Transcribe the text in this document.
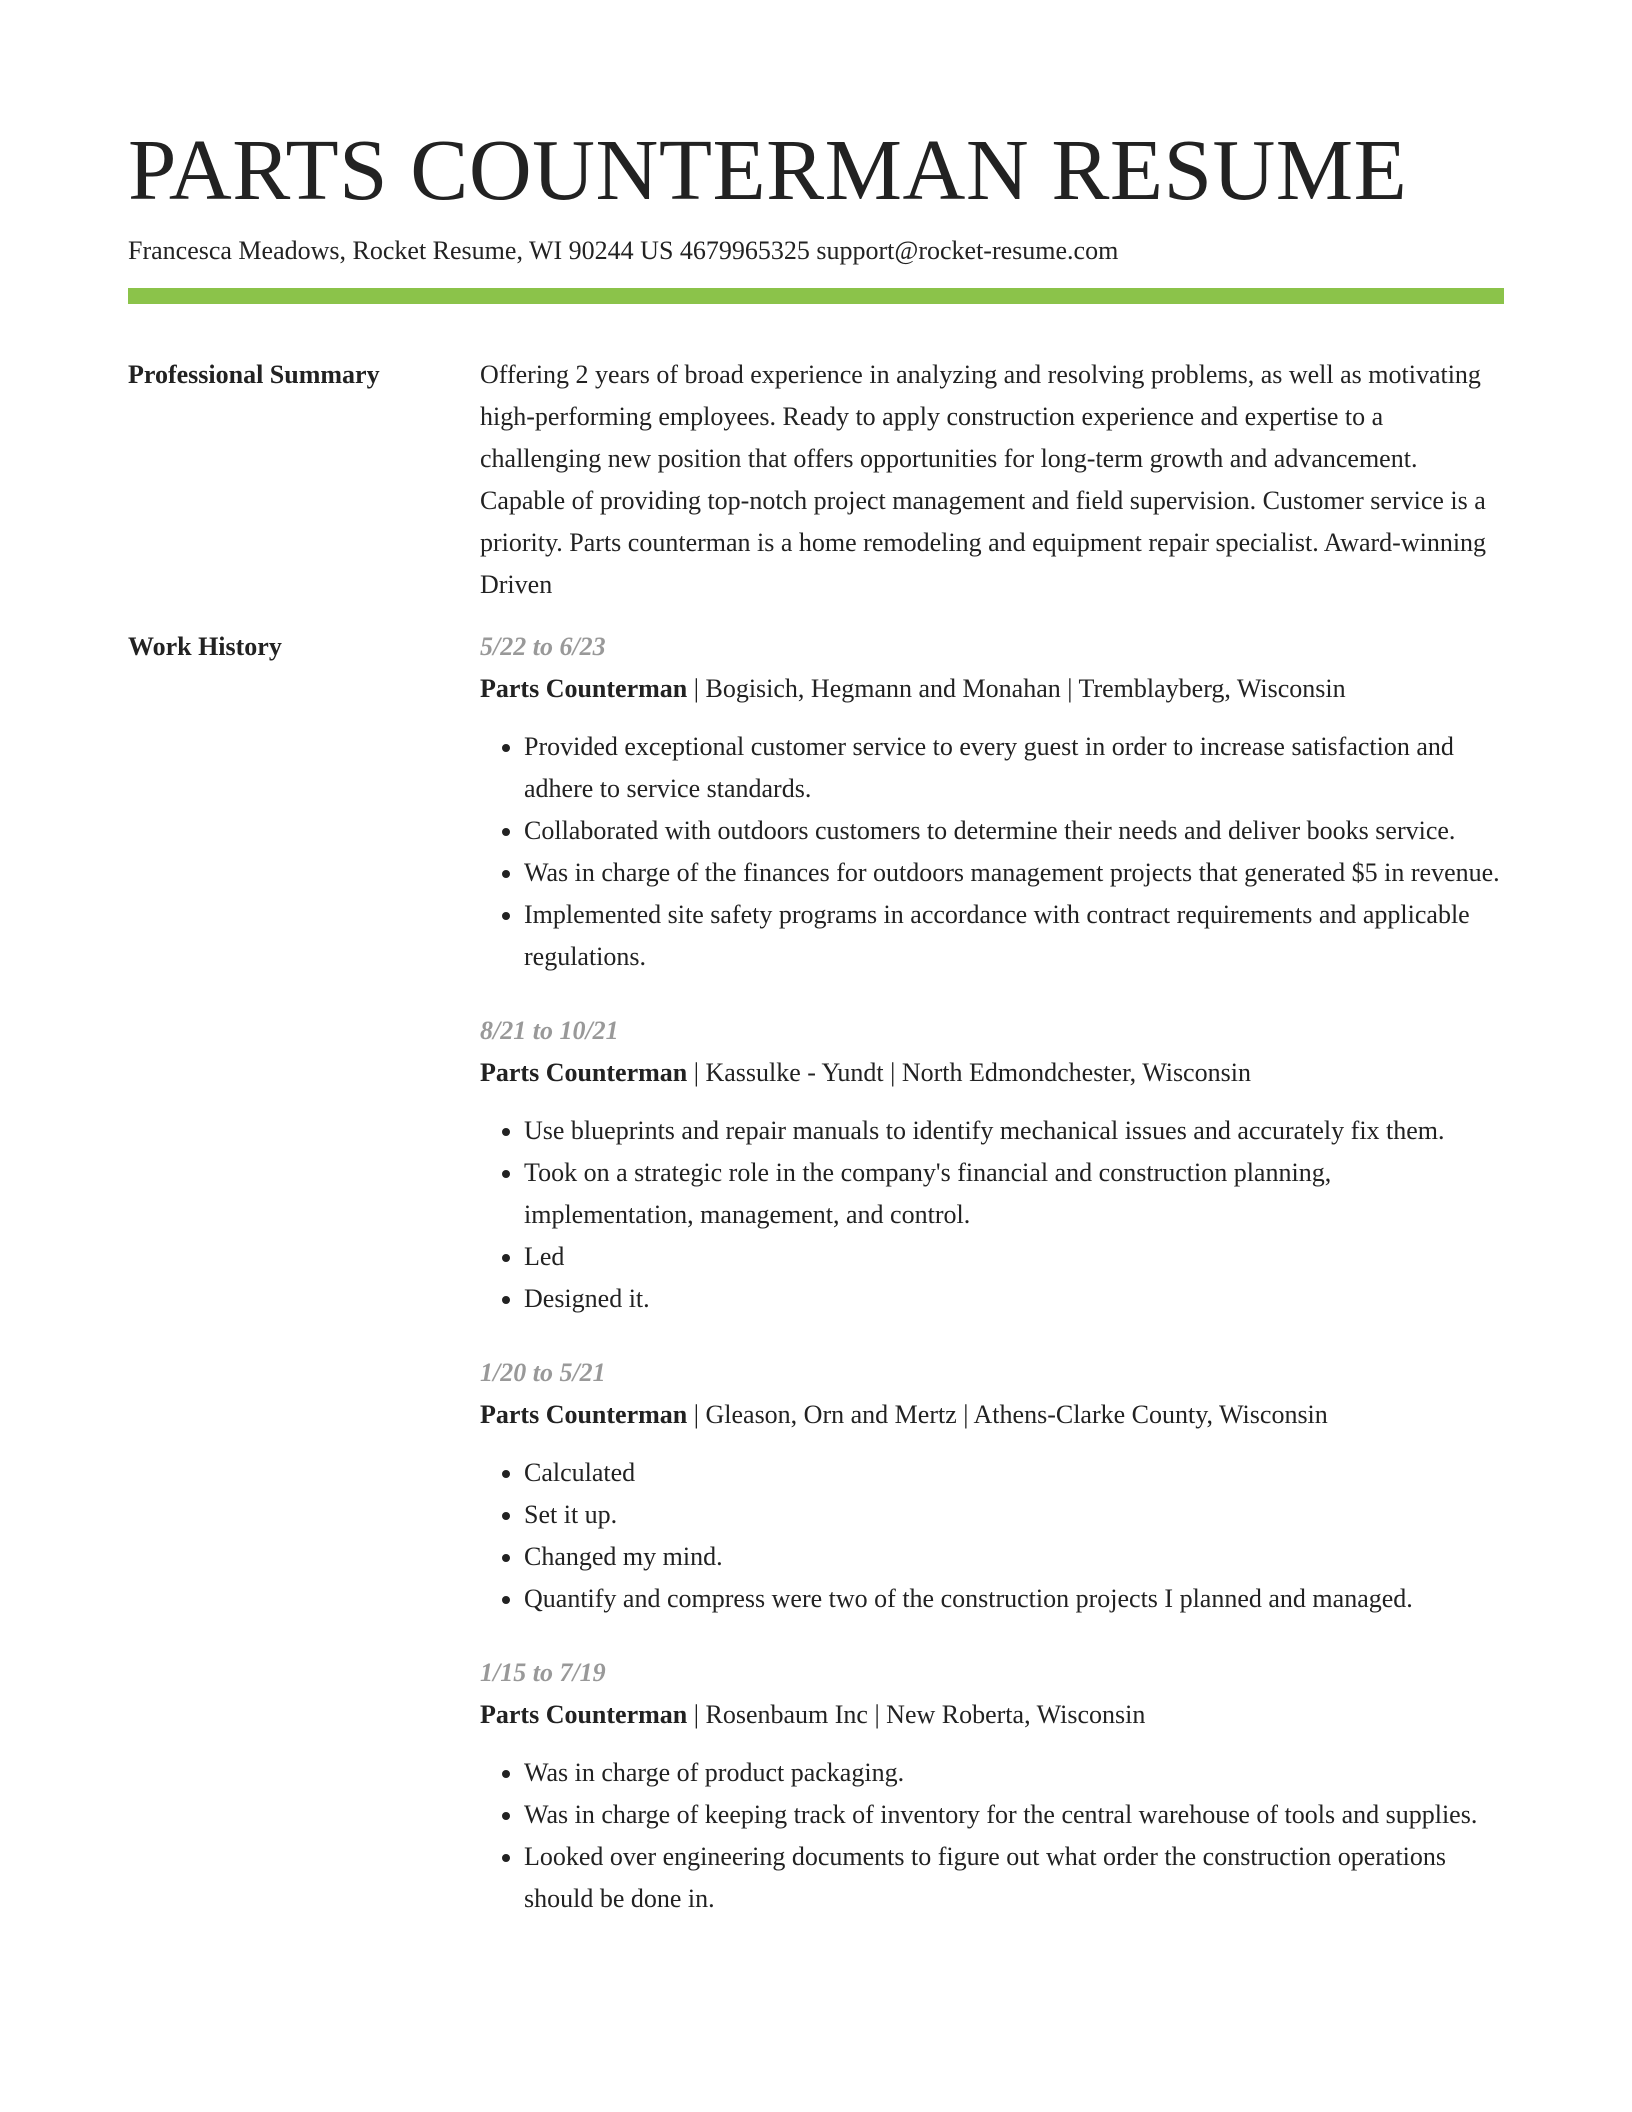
PARTS COUNTERMAN RESUME
Francesca Meadows, Rocket Resume, WI 90244 US 4679965325 support@rocket-resume.com
Professional Summary	Offering 2 years of broad experience in analyzing and resolving problems, as well as motivating high-performing employees. Ready to apply construction experience and expertise to a challenging new position that offers opportunities for long-term growth and advancement. Capable of providing top-notch project management and field supervision. Customer service is a priority. Parts counterman is a home remodeling and equipment repair specialist. Award-winning Driven
Work History	5/22 to 6/23
Parts Counterman | Bogisich, Hegmann and Monahan | Tremblayberg, Wisconsin
• Provided exceptional customer service to every guest in order to increase satisfaction and adhere to service standards.
• Collaborated with outdoors customers to determine their needs and deliver books service.
• Was in charge of the finances for outdoors management projects that generated $5 in revenue.
• Implemented site safety programs in accordance with contract requirements and applicable regulations.
8/21 to 10/21
Parts Counterman | Kassulke - Yundt | North Edmondchester, Wisconsin
• Use blueprints and repair manuals to identify mechanical issues and accurately fix them.
• Took on a strategic role in the company's financial and construction planning, implementation, management, and control.
• Led
• Designed it.
1/20 to 5/21
Parts Counterman | Gleason, Orn and Mertz | Athens-Clarke County, Wisconsin
• Calculated
• Set it up.
• Changed my mind.
• Quantify and compress were two of the construction projects I planned and managed.
1/15 to 7/19
Parts Counterman | Rosenbaum Inc | New Roberta, Wisconsin
• Was in charge of product packaging.
• Was in charge of keeping track of inventory for the central warehouse of tools and supplies.
• Looked over engineering documents to figure out what order the construction operations should be done in.
